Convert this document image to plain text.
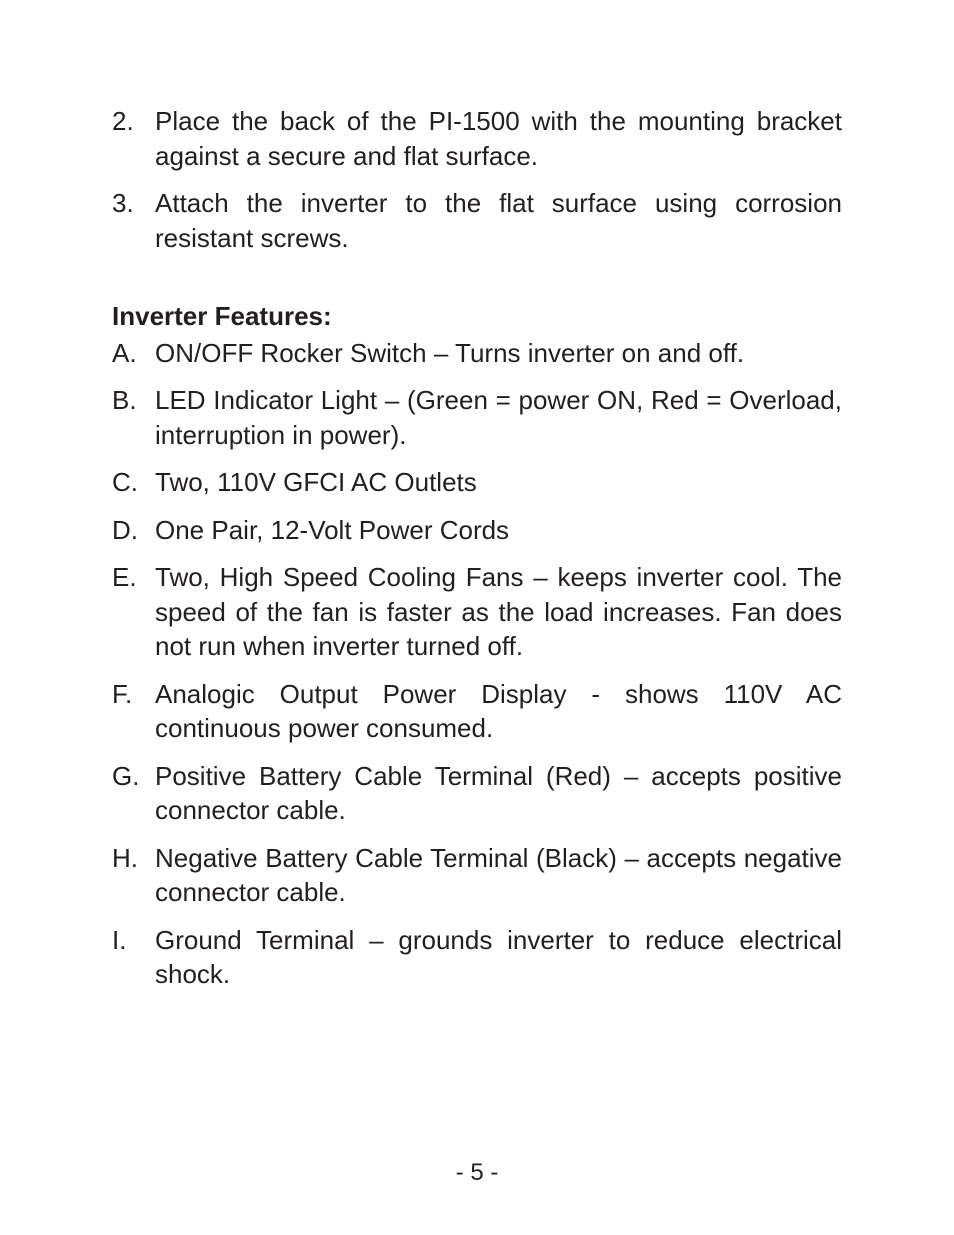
2. Place the back of the PI-1500 with the mounting bracket against a secure and flat surface.
3. Attach the inverter to the flat surface using corrosion resistant screws.
Inverter Features:
A. ON/OFF Rocker Switch – Turns inverter on and off.
B. LED Indicator Light – (Green = power ON, Red = Overload, interruption in power).
C. Two, 110V GFCI AC Outlets
D. One Pair, 12-Volt Power Cords
E. Two, High Speed Cooling Fans – keeps inverter cool. The speed of the fan is faster as the load increases. Fan does not run when inverter turned off.
F. Analogic Output Power Display - shows 110V AC continuous power consumed.
G. Positive Battery Cable Terminal (Red) – accepts positive connector cable.
H. Negative Battery Cable Terminal (Black) – accepts negative connector cable.
I.	Ground Terminal – grounds inverter to reduce electrical shock.
- 5 -
